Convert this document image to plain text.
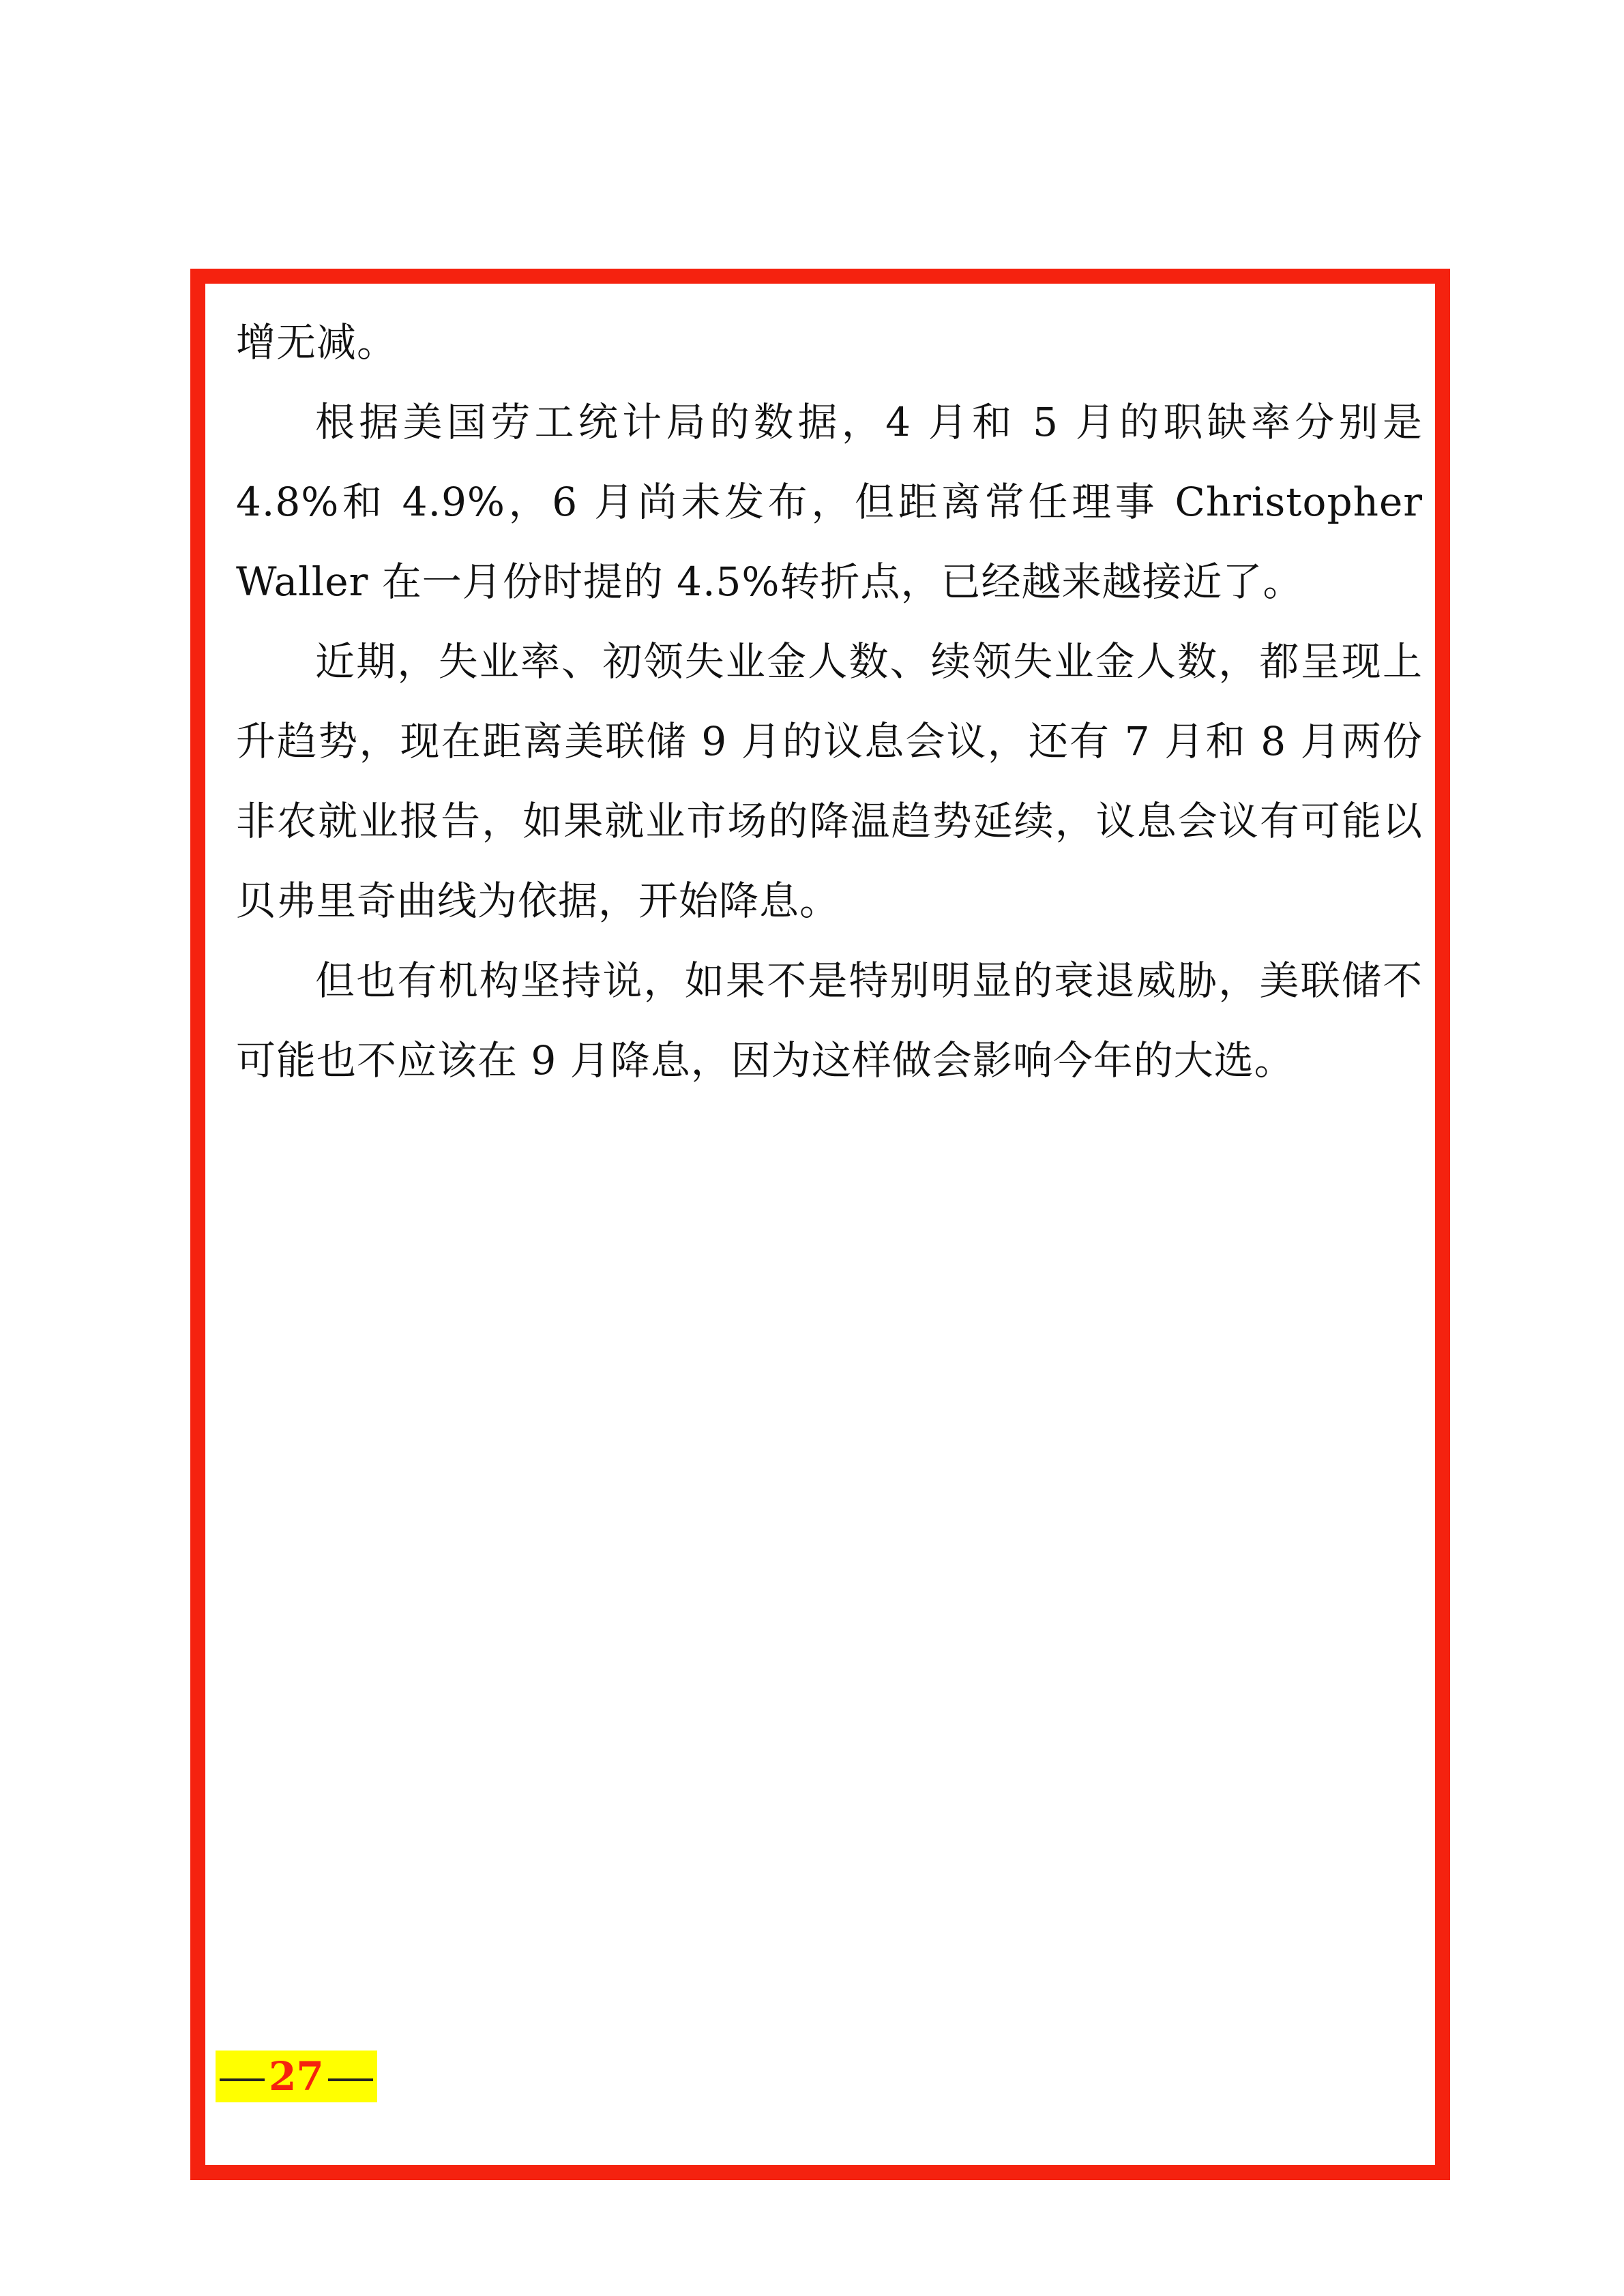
增无减。

根据美国劳工统计局的数据，4 月和 5 月的职缺率分别是 4.8%和 4.9%，6 月尚未发布，但距离常任理事 Christopher Waller 在一月份时提的 4.5%转折点，已经越来越接近了。

近期，失业率、初领失业金人数、续领失业金人数，都呈现上升趋势，现在距离美联储 9 月的议息会议，还有 7 月和 8 月两份非农就业报告，如果就业市场的降温趋势延续，议息会议有可能以贝弗里奇曲线为依据，开始降息。

但也有机构坚持说，如果不是特别明显的衰退威胁，美联储不可能也不应该在 9 月降息，因为这样做会影响今年的大选。

27
